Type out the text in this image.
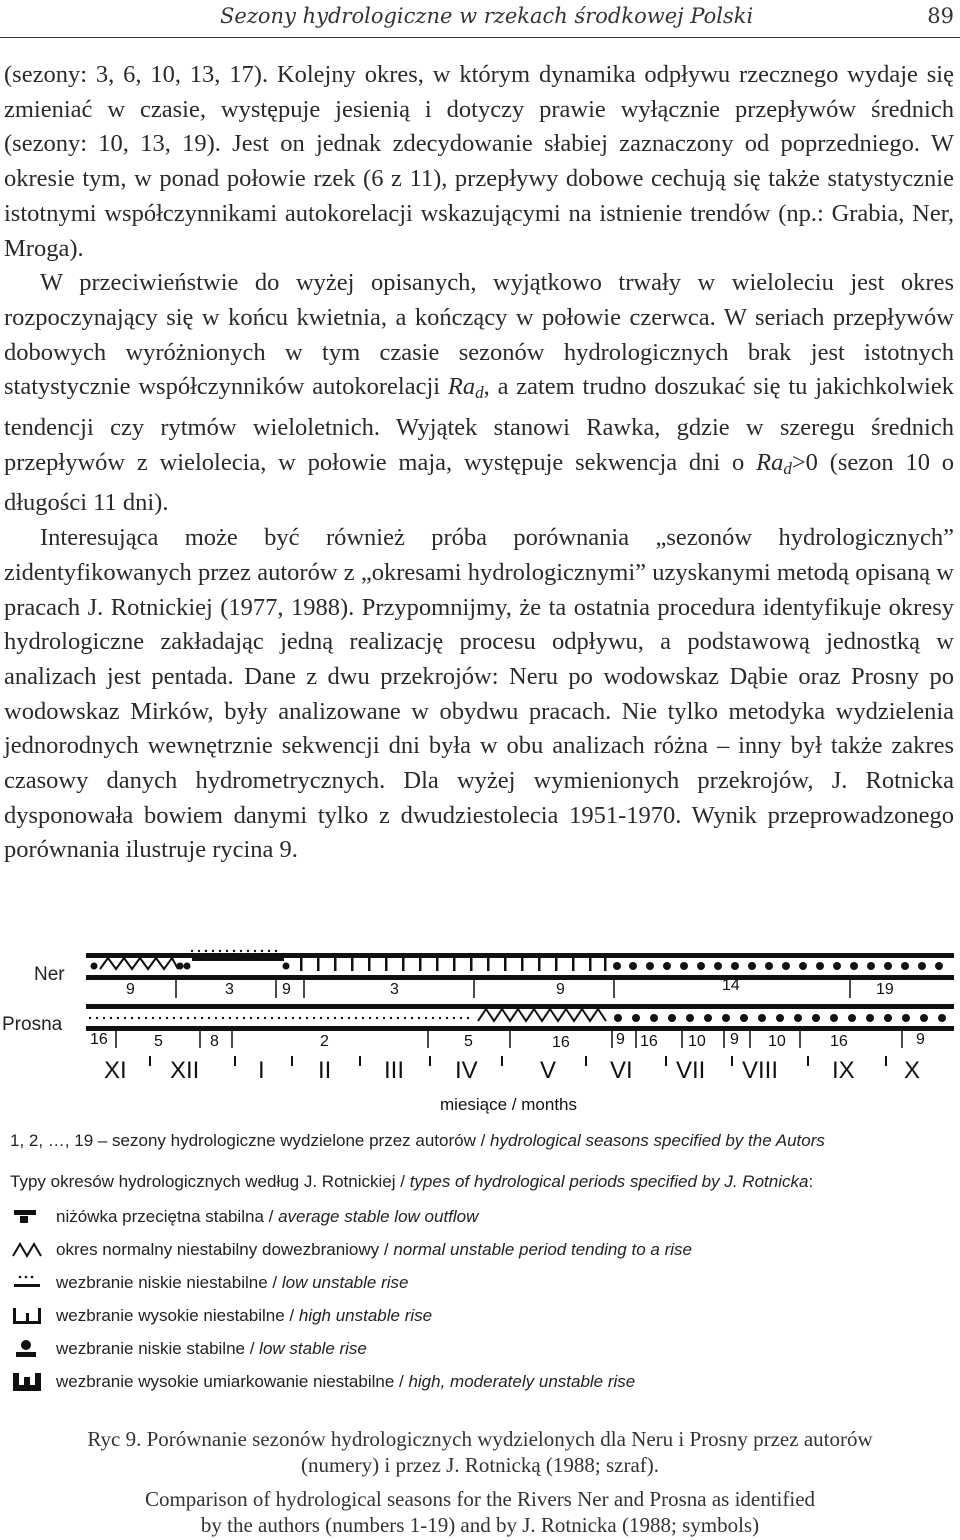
Sezony hydrologiczne w rzekach środkowej Polski	89

(sezony: 3, 6, 10, 13, 17). Kolejny okres, w którym dynamika odpływu rzecznego wydaje się zmieniać w czasie, występuje jesienią i dotyczy prawie wyłącznie przepływów średnich (sezony: 10, 13, 19). Jest on jednak zdecydowanie słabiej zaznaczony od poprzedniego. W okresie tym, w ponad połowie rzek (6 z 11), przepływy dobowe cechują się także statystycznie istotnymi współczynnikami autokorelacji wskazującymi na istnienie trendów (np.: Grabia, Ner, Mroga).

W przeciwieństwie do wyżej opisanych, wyjątkowo trwały w wieloleciu jest okres rozpoczynający się w końcu kwietnia, a kończący w połowie czerwca. W seriach przepływów dobowych wyróżnionych w tym czasie sezonów hydrologicznych brak jest istotnych statystycznie współczynników autokorelacji $Ra_d$, a zatem trudno doszukać się tu jakichkolwiek tendencji czy rytmów wieloletnich. Wyjątek stanowi Rawka, gdzie w szeregu średnich przepływów z wielolecia, w połowie maja, występuje sekwencja dni o $Ra_d>0$ (sezon 10 o długości 11 dni).

Interesująca może być również próba porównania „sezonów hydrologicznych” zidentyfikowanych przez autorów z „okresami hydrologicznymi” uzyskanymi metodą opisaną w pracach J. Rotnickiej (1977, 1988). Przypomnijmy, że ta ostatnia procedura identyfikuje okresy hydrologiczne zakładając jedną realizację procesu odpływu, a podstawową jednostką w analizach jest pentada. Dane z dwu przekrojów: Neru po wodowskaz Dąbie oraz Prosny po wodowskaz Mirków, były analizowane w obydwu pracach. Nie tylko metodyka wydzielenia jednorodnych wewnętrznie sekwencji dni była w obu analizach różna – inny był także zakres czasowy danych hydrometrycznych. Dla wyżej wymienionych przekrojów, J. Rotnicka dysponowała bowiem danymi tylko z dwudziestolecia 1951-1970. Wynik przeprowadzonego porównania ilustruje rycina 9.

Ner
Prosna
9	3	9	3	9	14	19
16	5	8	2	5	16	9 16 10 9 10	16	9
XI XII I II III IV	V VI VII VIII IX X
miesiące / months
1, 2, …, 19 – sezony hydrologiczne wydzielone przez autorów / hydrological seasons specified by the Autors
Typy okresów hydrologicznych według J. Rotnickiej / types of hydrological periods specified by J. Rotnicka:
niżówka przeciętna stabilna / average stable low outflow
okres normalny niestabilny dowezbraniowy / normal unstable period tending to a rise
wezbranie niskie niestabilne / low unstable rise
wezbranie wysokie niestabilne / high unstable rise
wezbranie niskie stabilne / low stable rise
wezbranie wysokie umiarkowanie niestabilne / high, moderately unstable rise
Ryc 9. Porównanie sezonów hydrologicznych wydzielonych dla Neru i Prosny przez autorów
(numery) i przez J. Rotnicką (1988; szraf).
Comparison of hydrological seasons for the Rivers Ner and Prosna as identified
by the authors (numbers 1-19) and by J. Rotnicka (1988; symbols)
